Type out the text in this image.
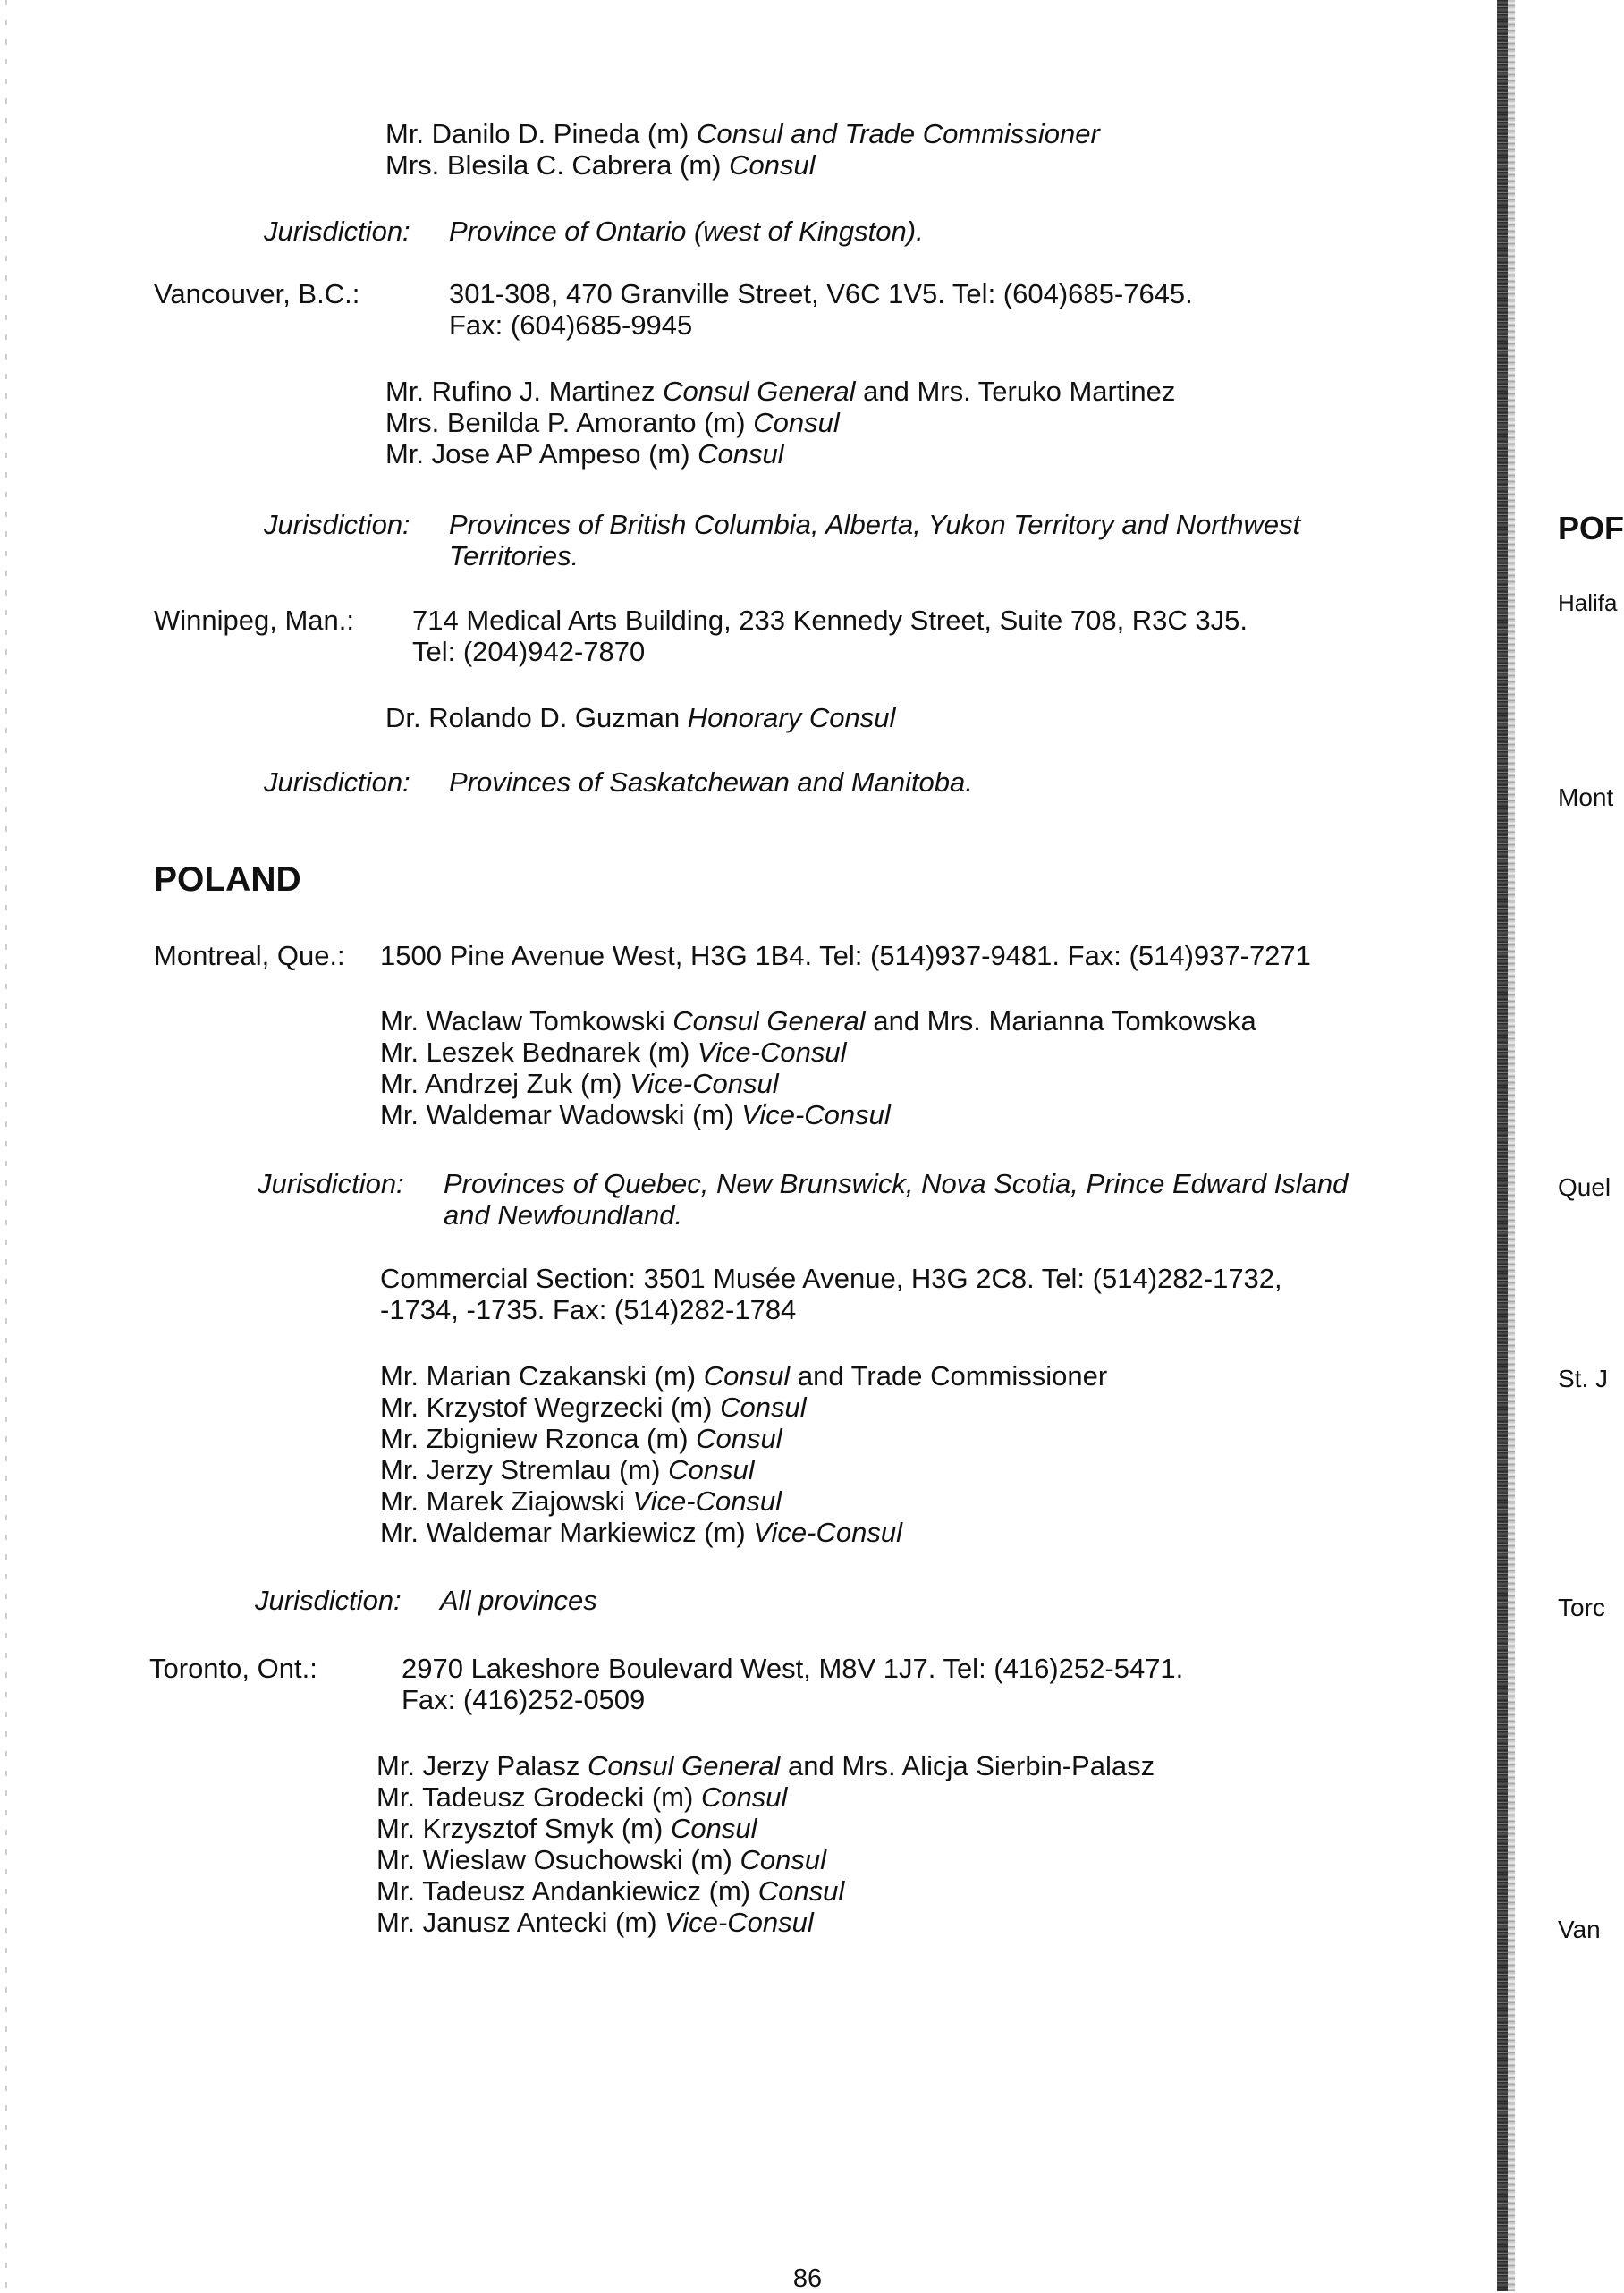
Mr. Danilo D. Pineda (m) Consul and Trade Commissioner
Mrs. Blesila C. Cabrera (m) Consul
Jurisdiction: Province of Ontario (west of Kingston).
Vancouver, B.C.:	301-308, 470 Granville Street, V6C 1V5. Tel: (604)685-7645.
Fax: (604)685-9945
Mr. Rufino J. Martinez Consul General and Mrs. Teruko Martinez
Mrs. Benilda P. Amoranto (m) Consul
Mr. Jose AP Ampeso (m) Consul
Jurisdiction: Provinces of British Columbia, Alberta, Yukon Territory and Northwest
Territories.
Winnipeg, Man.: 714 Medical Arts Building, 233 Kennedy Street, Suite 708, R3C 3J5.
Tel: (204)942-7870
Dr. Rolando D. Guzman Honorary Consul
Jurisdiction: Provinces of Saskatchewan and Manitoba.
POLAND
Montreal, Que.: 1500 Pine Avenue West, H3G 1B4. Tel: (514)937-9481. Fax: (514)937-7271
Mr. Waclaw Tomkowski Consul General and Mrs. Marianna Tomkowska
Mr. Leszek Bednarek (m) Vice-Consul
Mr. Andrzej Zuk (m) Vice-Consul
Mr. Waldemar Wadowski (m) Vice-Consul
Jurisdiction: Provinces of Quebec, New Brunswick, Nova Scotia, Prince Edward Island
and Newfoundland.
Commercial Section: 3501 Musée Avenue, H3G 2C8. Tel: (514)282-1732,
-1734, -1735. Fax: (514)282-1784
Mr. Marian Czakanski (m) Consul and Trade Commissioner
Mr. Krzystof Wegrzecki (m) Consul
Mr. Zbigniew Rzonca (m) Consul
Mr. Jerzy Stremlau (m) Consul
Mr. Marek Ziajowski Vice-Consul
Mr. Waldemar Markiewicz (m) Vice-Consul
Jurisdiction: All provinces
Toronto, Ont.:	2970 Lakeshore Boulevard West, M8V 1J7. Tel: (416)252-5471.
Fax: (416)252-0509
Mr. Jerzy Palasz Consul General and Mrs. Alicja Sierbin-Palasz
Mr. Tadeusz Grodecki (m) Consul
Mr. Krzysztof Smyk (m) Consul
Mr. Wieslaw Osuchowski (m) Consul
Mr. Tadeusz Andankiewicz (m) Consul
Mr. Janusz Antecki (m) Vice-Consul
POF
Halifa
Mont
Quel
St. J
Torc
Van
86
